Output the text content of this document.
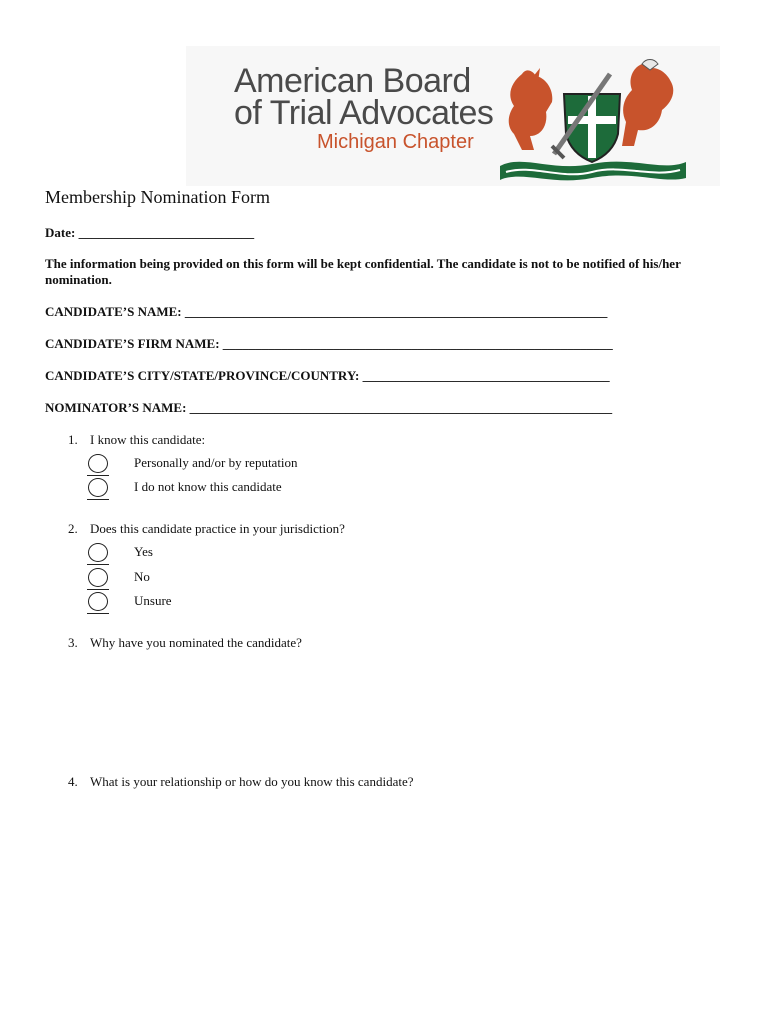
American Board
of Trial Advocates
Michigan Chapter
Membership Nomination Form
Date: ___________________________
The information being provided on this form will be kept confidential. The candidate is not to be notified of his/her nomination.
CANDIDATE’S NAME: _________________________________________________________________
CANDIDATE’S FIRM NAME: ____________________________________________________________
CANDIDATE’S CITY/STATE/PROVINCE/COUNTRY: ______________________________________
NOMINATOR’S NAME: _________________________________________________________________
1. I know this candidate:
Personally and/or by reputation
I do not know this candidate
2. Does this candidate practice in your jurisdiction?
Yes
No
Unsure
3. Why have you nominated the candidate?
4. What is your relationship or how do you know this candidate?
